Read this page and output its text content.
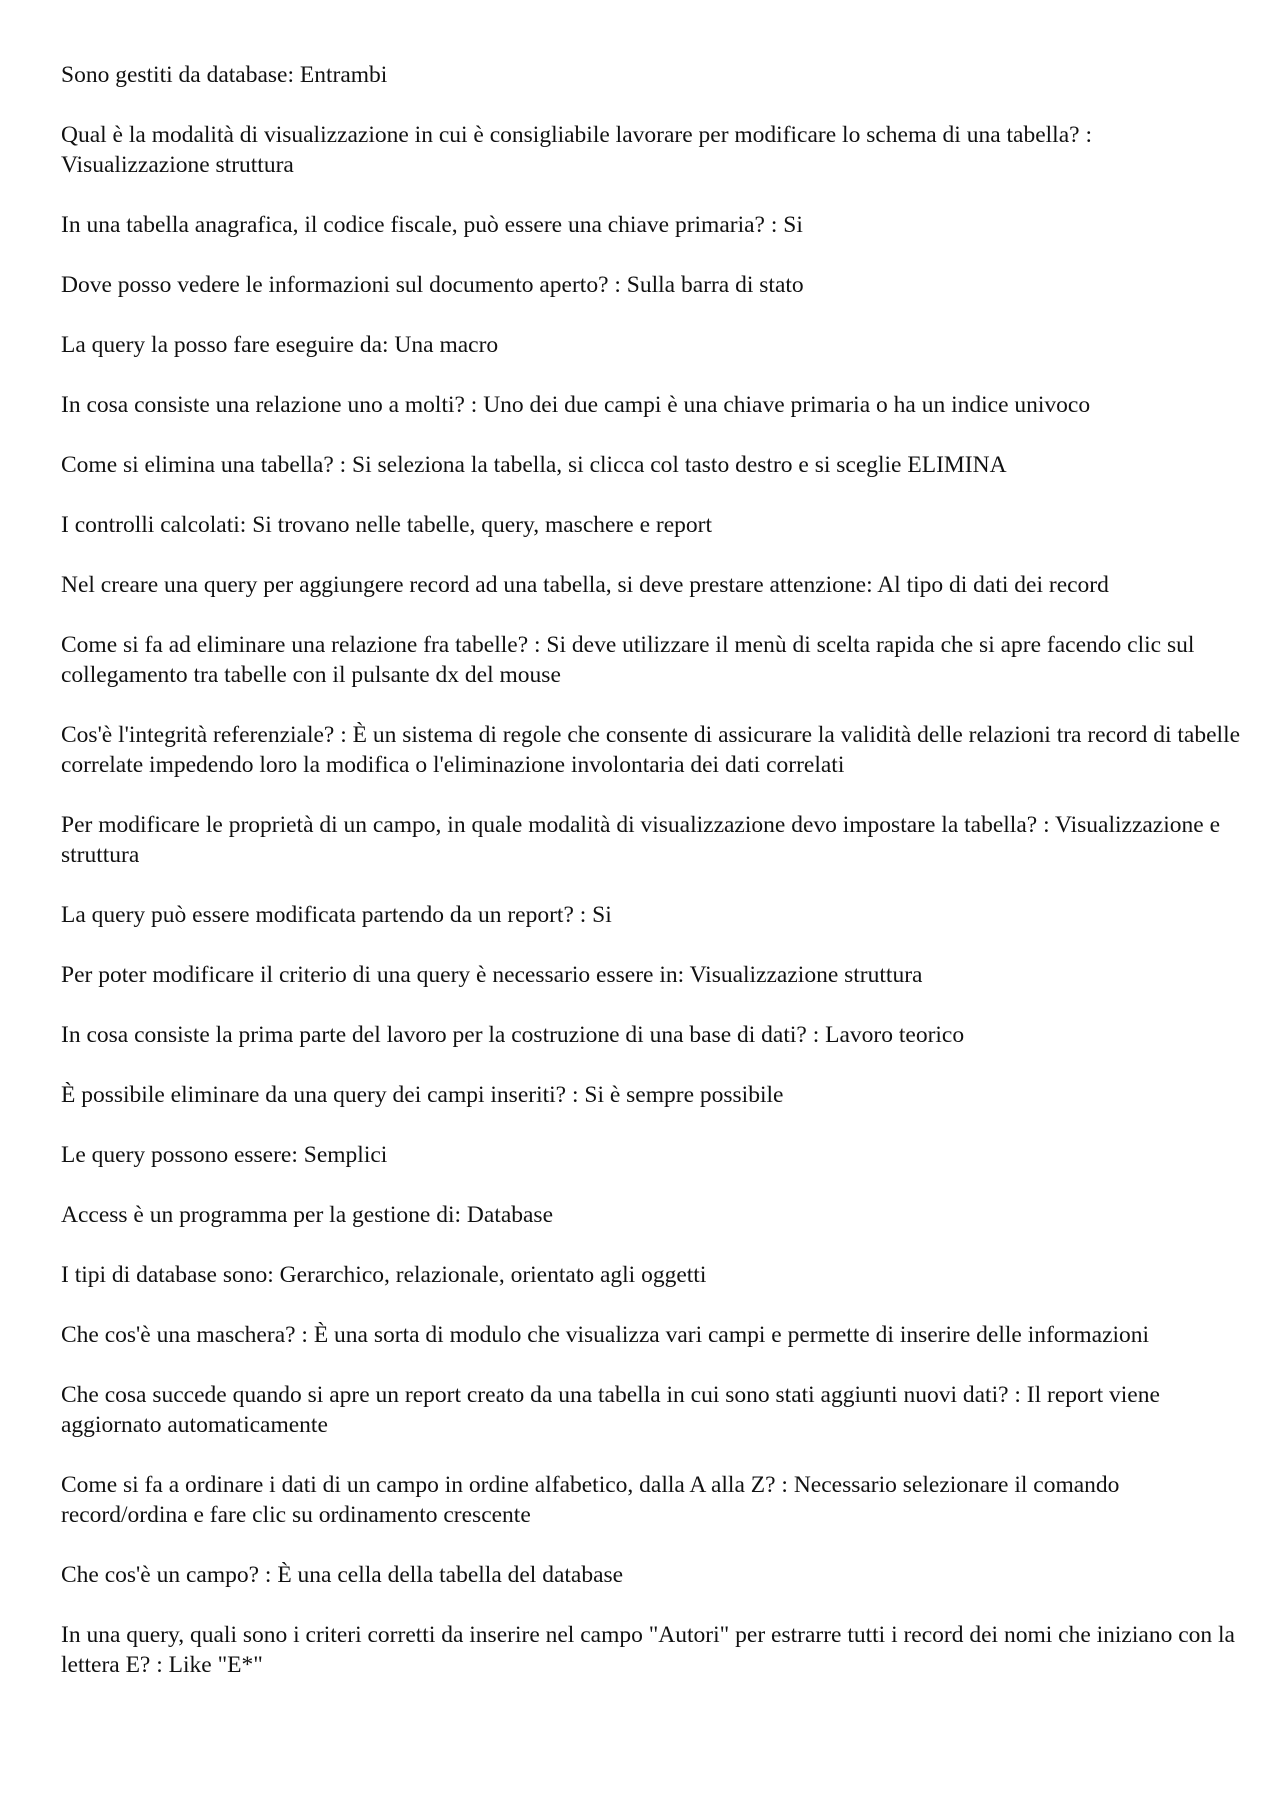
Sono gestiti da database: Entrambi

Qual è la modalità di visualizzazione in cui è consigliabile lavorare per modificare lo schema di una tabella? : Visualizzazione struttura

In una tabella anagrafica, il codice fiscale, può essere una chiave primaria? : Si

Dove posso vedere le informazioni sul documento aperto? : Sulla barra di stato

La query la posso fare eseguire da: Una macro

In cosa consiste una relazione uno a molti? : Uno dei due campi è una chiave primaria o ha un indice univoco

Come si elimina una tabella? : Si seleziona la tabella, si clicca col tasto destro e si sceglie ELIMINA

I controlli calcolati: Si trovano nelle tabelle, query, maschere e report

Nel creare una query per aggiungere record ad una tabella, si deve prestare attenzione: Al tipo di dati dei record

Come si fa ad eliminare una relazione fra tabelle? : Si deve utilizzare il menù di scelta rapida che si apre facendo clic sul collegamento tra tabelle con il pulsante dx del mouse

Cos'è l'integrità referenziale? : È un sistema di regole che consente di assicurare la validità delle relazioni tra record di tabelle correlate impedendo loro la modifica o l'eliminazione involontaria dei dati correlati

Per modificare le proprietà di un campo, in quale modalità di visualizzazione devo impostare la tabella? : Visualizzazione e struttura

La query può essere modificata partendo da un report? : Si

Per poter modificare il criterio di una query è necessario essere in: Visualizzazione struttura

In cosa consiste la prima parte del lavoro per la costruzione di una base di dati? : Lavoro teorico

È possibile eliminare da una query dei campi inseriti? : Si è sempre possibile

Le query possono essere: Semplici

Access è un programma per la gestione di: Database

I tipi di database sono: Gerarchico, relazionale, orientato agli oggetti

Che cos'è una maschera? : È una sorta di modulo che visualizza vari campi e permette di inserire delle informazioni

Che cosa succede quando si apre un report creato da una tabella in cui sono stati aggiunti nuovi dati? : Il report viene aggiornato automaticamente

Come si fa a ordinare i dati di un campo in ordine alfabetico, dalla A alla Z? : Necessario selezionare il comando record/ordina e fare clic su ordinamento crescente

Che cos'è un campo? : È una cella della tabella del database

In una query, quali sono i criteri corretti da inserire nel campo "Autori" per estrarre tutti i record dei nomi che iniziano con la lettera E? : Like "E*"
